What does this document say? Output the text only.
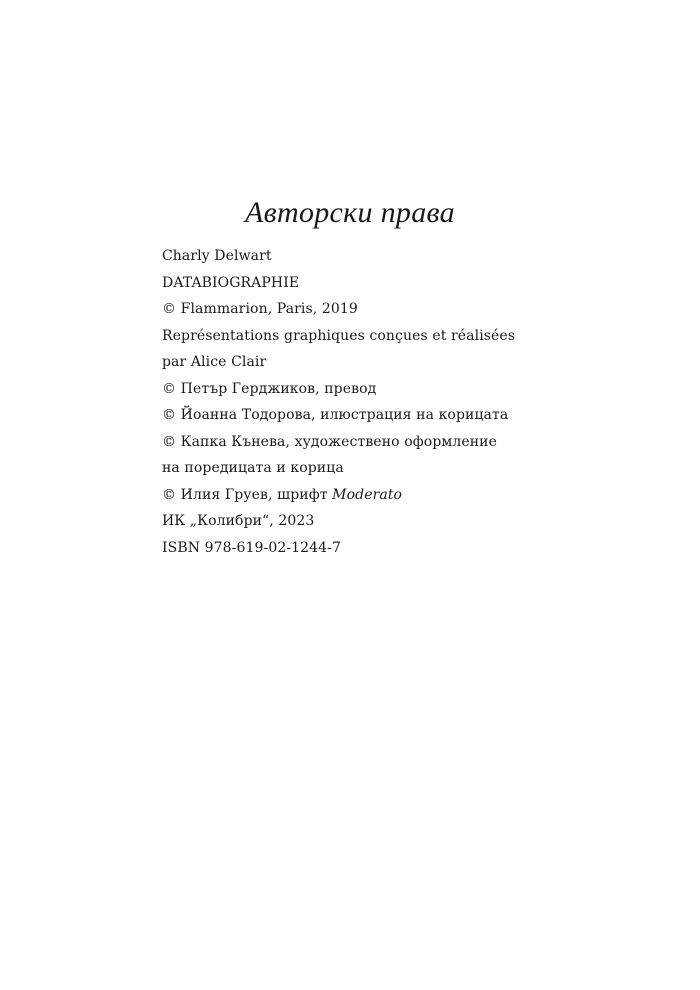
Авторски права
Charly Delwart
DATABIOGRAPHIE
© Flammarion, Paris, 2019
Représentations graphiques conçues et réalisées
par Alice Clair
© Петър Герджиков, превод
© Йоанна Тодорова, илюстрация на корицата
© Капка Кънева, художествено оформление
на поредицата и корица
© Илия Груев, шрифт Moderato
ИК „Колибри“, 2023
ISBN 978-619-02-1244-7
